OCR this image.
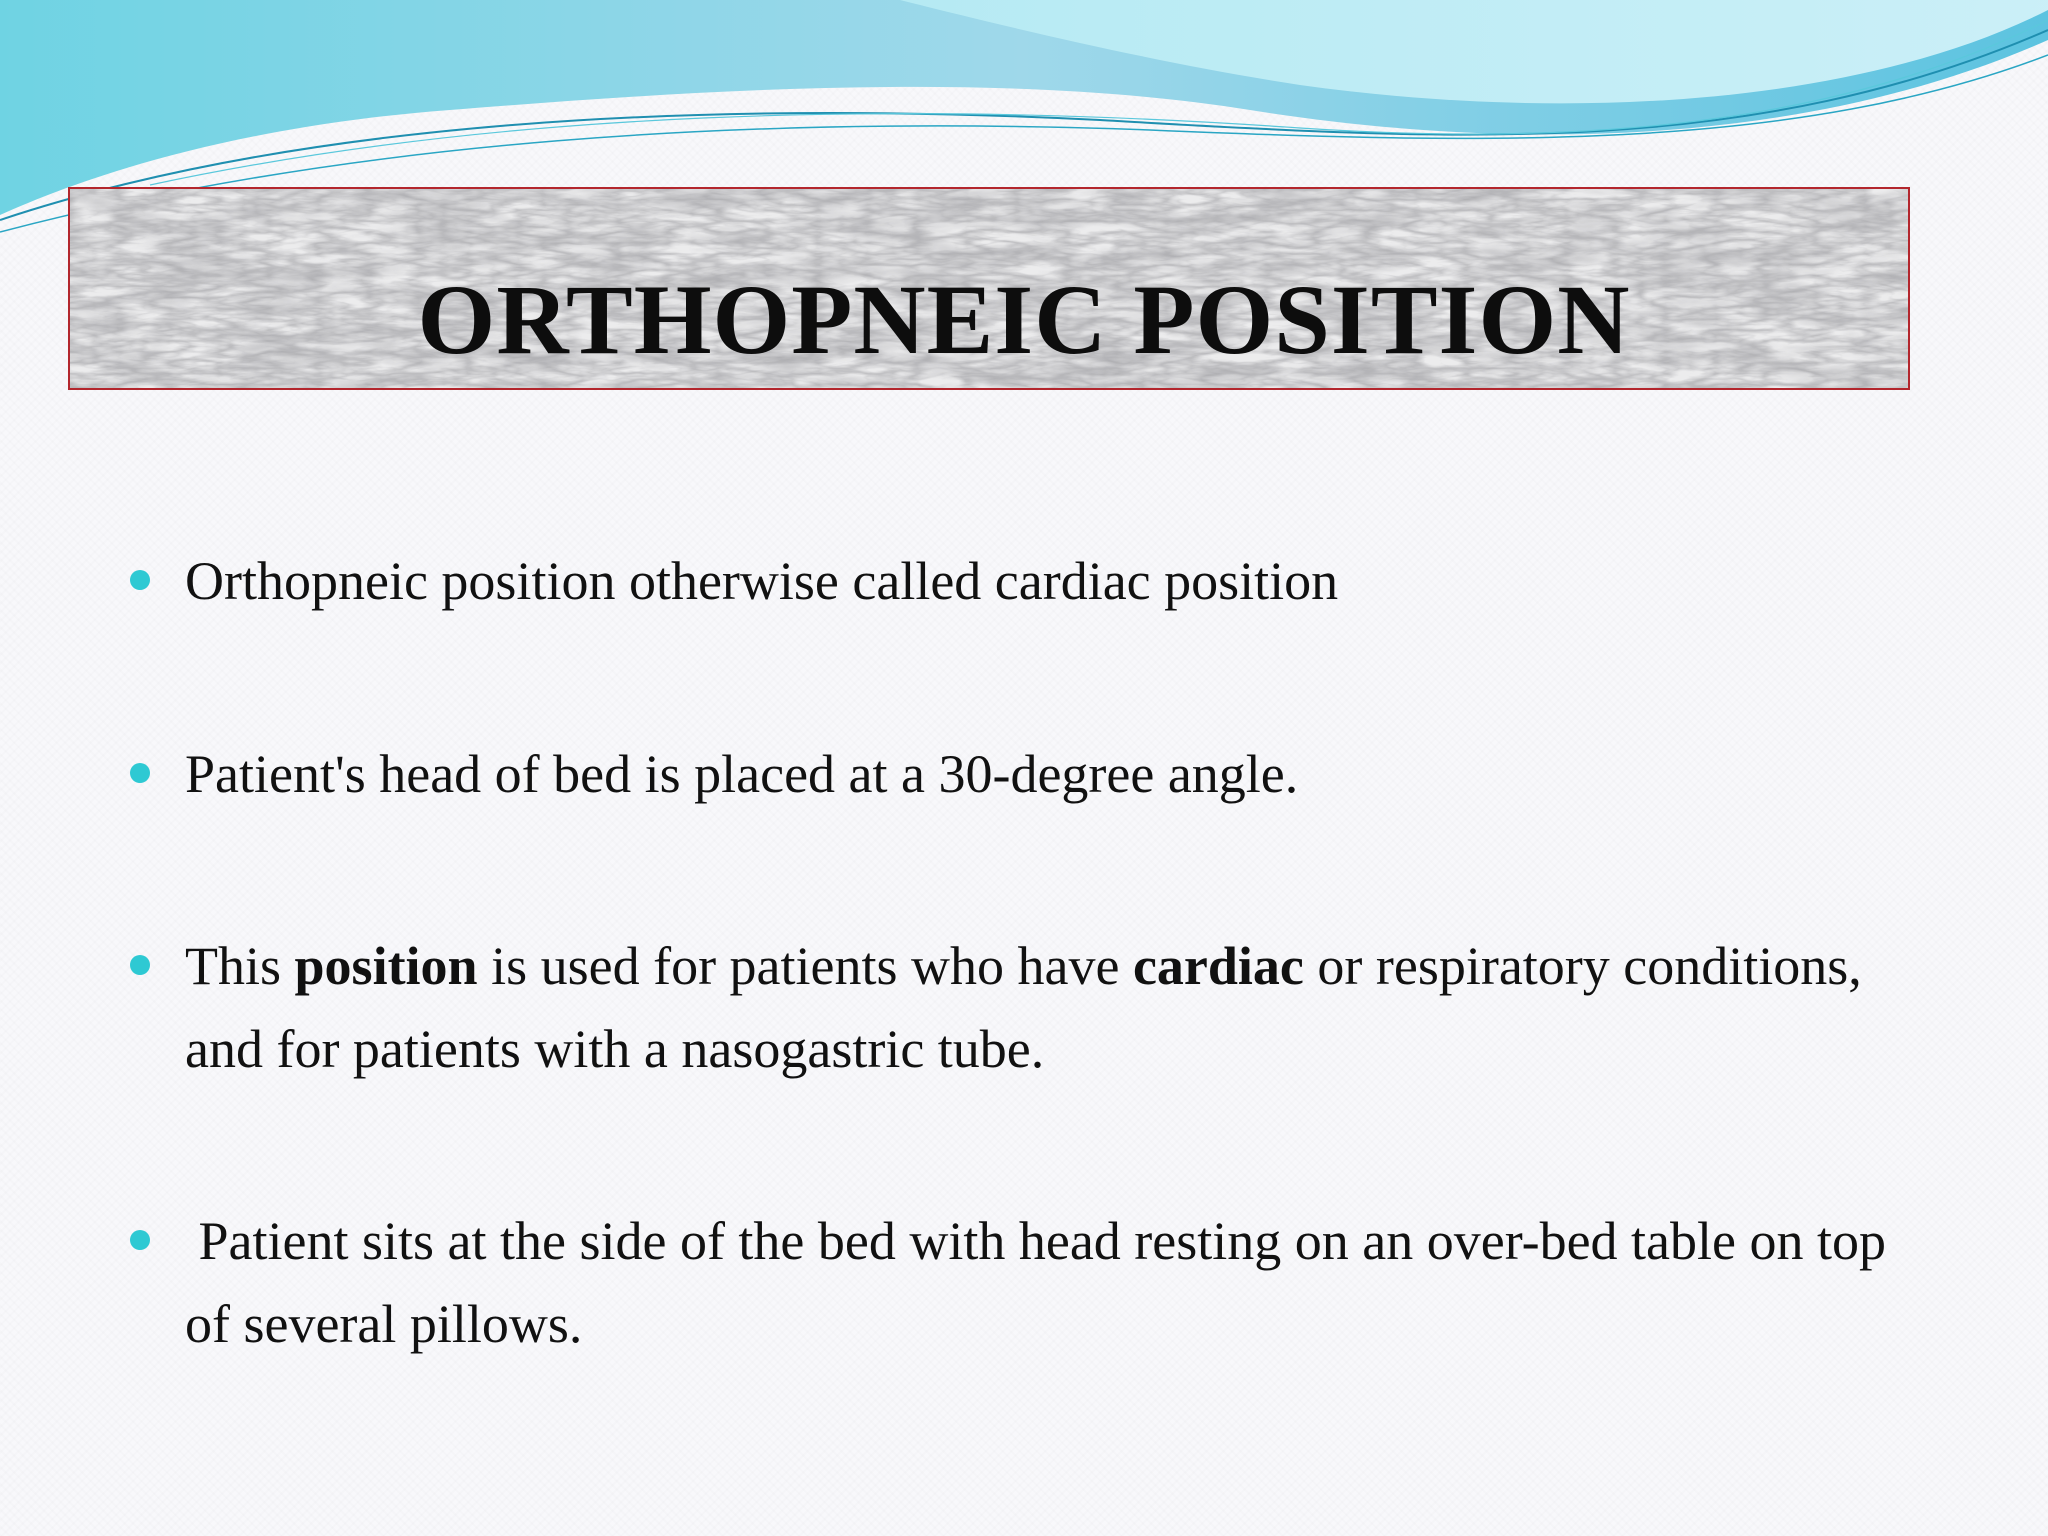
ORTHOPNEIC POSITION
Orthopneic position otherwise called cardiac position
Patient's head of bed is placed at a 30-degree angle.
This position is used for patients who have cardiac or respiratory conditions, and for patients with a nasogastric tube.
Patient sits at the side of the bed with head resting on an over-bed table on top of several pillows.
